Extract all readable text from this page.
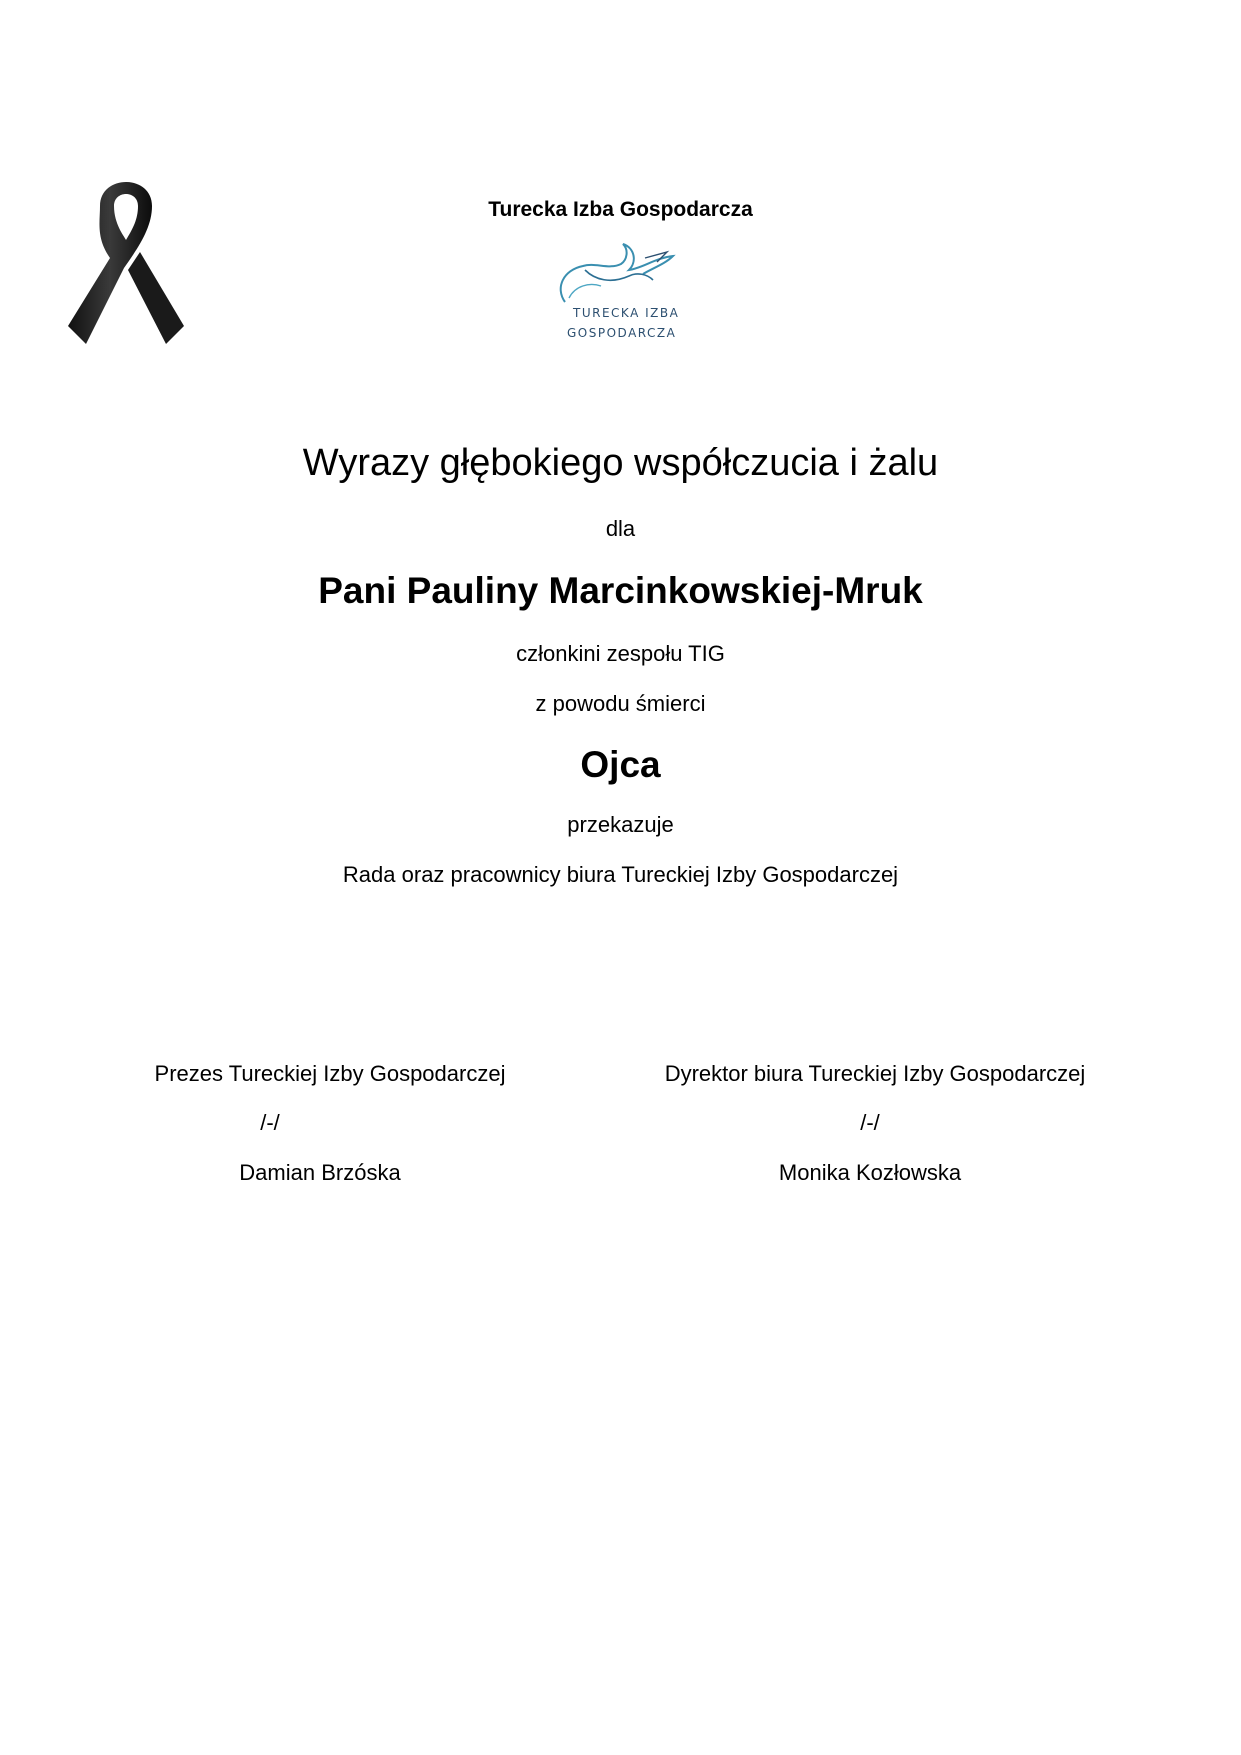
Turecka Izba Gospodarcza
TURECKA IZBA
GOSPODARCZA
Wyrazy głębokiego współczucia i żalu
dla
Pani Pauliny Marcinkowskiej-Mruk
członkini zespołu TIG
z powodu śmierci
Ojca
przekazuje
Rada oraz pracownicy biura Tureckiej Izby Gospodarczej
Prezes Tureckiej Izby Gospodarczej
/-/
Damian Brzóska
Dyrektor biura Tureckiej Izby Gospodarczej
/-/
Monika Kozłowska
